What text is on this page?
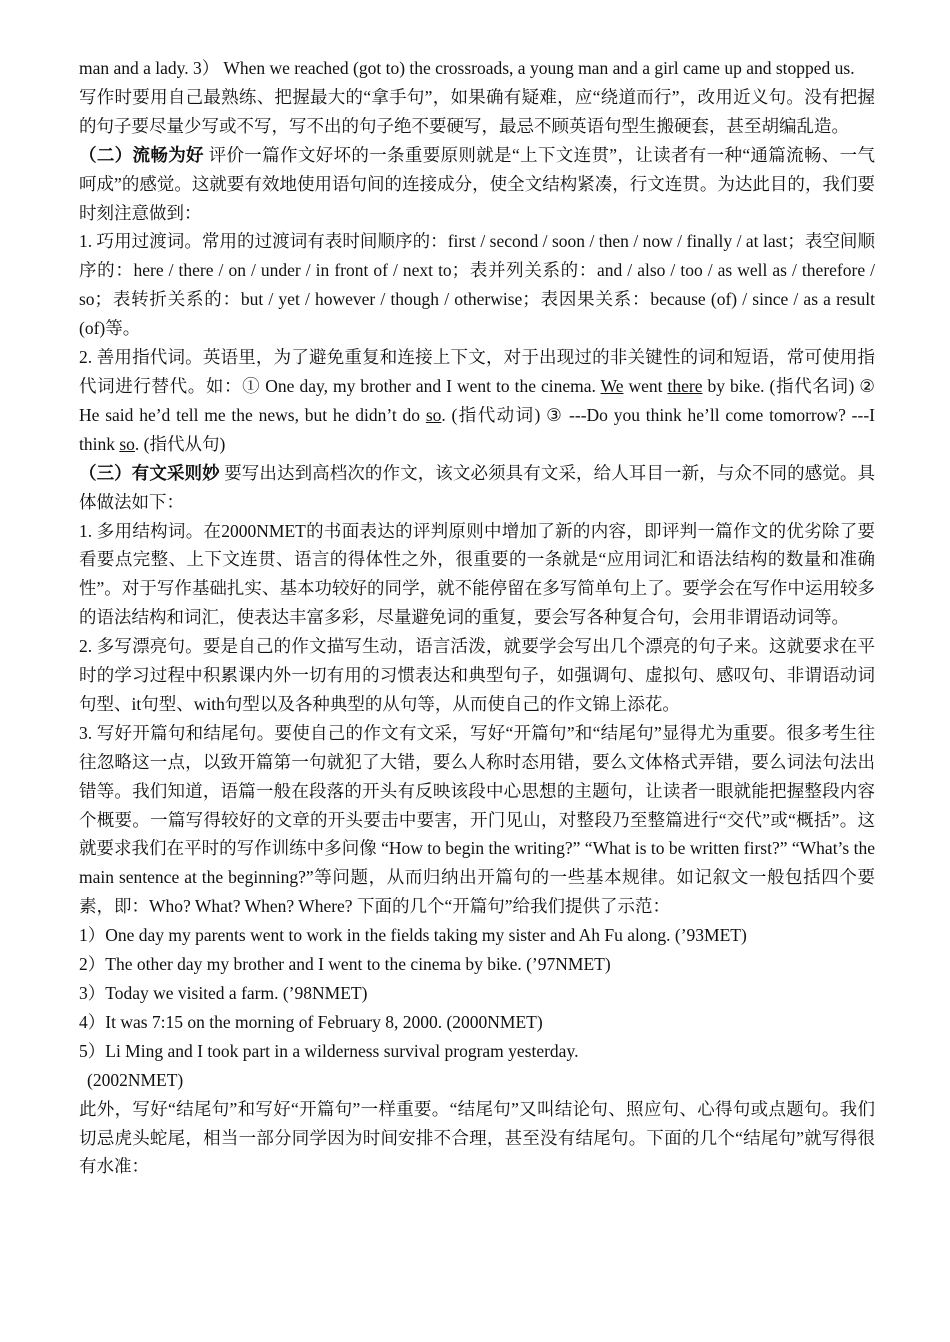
man and a lady. 3） When we reached (got to) the crossroads, a young man and a girl came up and stopped us.

写作时要用自己最熟练、把握最大的“拿手句”，如果确有疑难，应“绕道而行”，改用近义句。没有把握的句子要尽量少写或不写，写不出的句子绝不要硬写，最忌不顾英语句型生搬硬套，甚至胡编乱造。

（二）流畅为好 评价一篇作文好坏的一条重要原则就是“上下文连贯”，让读者有一种“通篇流畅、一气呵成”的感觉。这就要有效地使用语句间的连接成分，使全文结构紧凑，行文连贯。为达此目的，我们要时刻注意做到：

1. 巧用过渡词。常用的过渡词有表时间顺序的：first / second / soon / then / now / finally / at last；表空间顺序的：here / there / on / under / in front of / next to；表并列关系的：and / also / too / as well as / therefore / so；表转折关系的：but / yet / however / though / otherwise；表因果关系：because (of) / since / as a result (of)等。

2. 善用指代词。英语里，为了避免重复和连接上下文，对于出现过的非关键性的词和短语，常可使用指代词进行替代。如：① One day, my brother and I went to the cinema. We went there by bike. (指代名词) ② He said he’d tell me the news, but he didn’t do so. (指代动词) ③ ---Do you think he’ll come tomorrow? ---I think so. (指代从句)

（三）有文采则妙 要写出达到高档次的作文，该文必须具有文采，给人耳目一新，与众不同的感觉。具体做法如下：

1. 多用结构词。在2000NMET的书面表达的评判原则中增加了新的内容，即评判一篇作文的优劣除了要看要点完整、上下文连贯、语言的得体性之外，很重要的一条就是“应用词汇和语法结构的数量和准确性”。对于写作基础扎实、基本功较好的同学，就不能停留在多写简单句上了。要学会在写作中运用较多的语法结构和词汇，使表达丰富多彩，尽量避免词的重复，要会写各种复合句，会用非谓语动词等。

2. 多写漂亮句。要是自己的作文描写生动，语言活泼，就要学会写出几个漂亮的句子来。这就要求在平时的学习过程中积累课内外一切有用的习惯表达和典型句子，如强调句、虚拟句、感叹句、非谓语动词句型、it句型、with句型以及各种典型的从句等，从而使自己的作文锦上添花。

3. 写好开篇句和结尾句。要使自己的作文有文采，写好“开篇句”和“结尾句”显得尤为重要。很多考生往往忽略这一点，以致开篇第一句就犯了大错，要么人称时态用错，要么文体格式弄错，要么词法句法出错等。我们知道，语篇一般在段落的开头有反映该段中心思想的主题句，让读者一眼就能把握整段内容个概要。一篇写得较好的文章的开头要击中要害，开门见山，对整段乃至整篇进行“交代”或“概括”。这就要求我们在平时的写作训练中多问像 “How to begin the writing?” “What is to be written first?” “What’s the main sentence at the beginning?”等问题，从而归纳出开篇句的一些基本规律。如记叙文一般包括四个要素，即：Who? What? When? Where? 下面的几个“开篇句”给我们提供了示范：

1）One day my parents went to work in the fields taking my sister and Ah Fu along. (’93MET)

2）The other day my brother and I went to the cinema by bike. (’97NMET)

3）Today we visited a farm. (’98NMET)

4）It was 7:15 on the morning of February 8, 2000. (2000NMET)

5）Li Ming and I took part in a wilderness survival program yesterday.

(2002NMET)

此外，写好“结尾句”和写好“开篇句”一样重要。“结尾句”又叫结论句、照应句、心得句或点题句。我们切忌虎头蛇尾，相当一部分同学因为时间安排不合理，甚至没有结尾句。下面的几个“结尾句”就写得很有水准：
